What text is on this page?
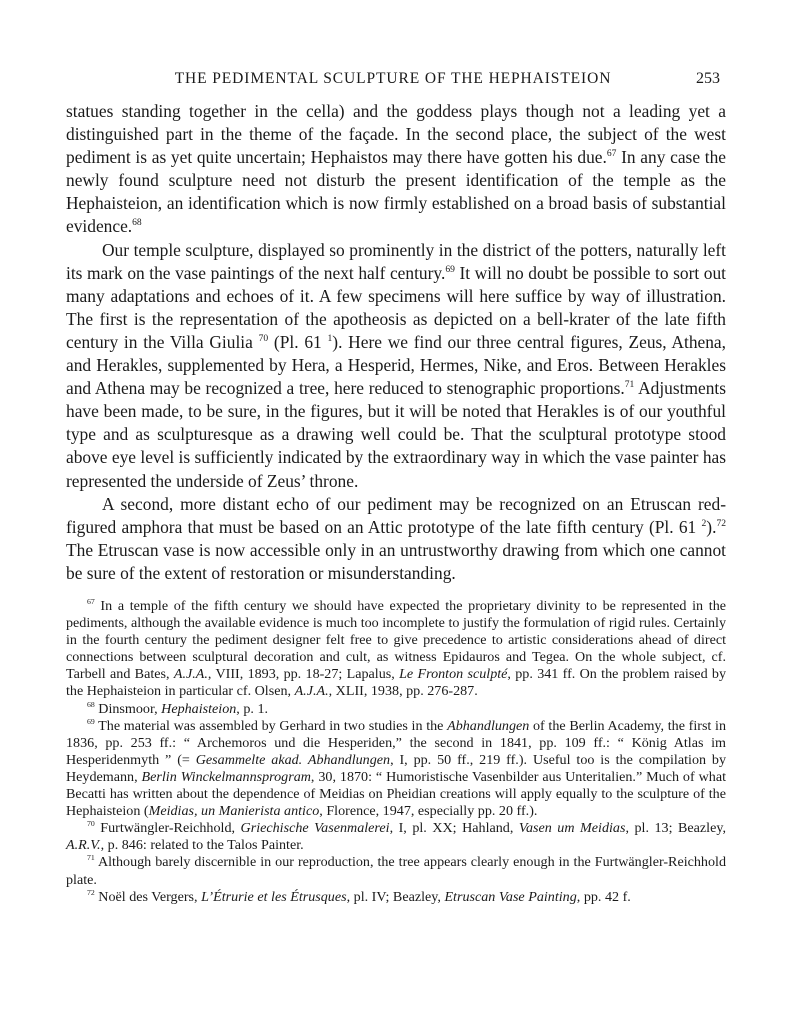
THE PEDIMENTAL SCULPTURE OF THE HEPHAISTEION	253

statues standing together in the cella) and the goddess plays though not a leading yet a distinguished part in the theme of the façade. In the second place, the subject of the west pediment is as yet quite uncertain; Hephaistos may there have gotten his due.$^{67}$ In any case the newly found sculpture need not disturb the present identification of the temple as the Hephaisteion, an identification which is now firmly established on a broad basis of substantial evidence.$^{68}$

Our temple sculpture, displayed so prominently in the district of the potters, naturally left its mark on the vase paintings of the next half century.$^{69}$ It will no doubt be possible to sort out many adaptations and echoes of it. A few specimens will here suffice by way of illustration. The first is the representation of the apotheosis as depicted on a bell-krater of the late fifth century in the Villa Giulia $^{70}$ (Pl. 61 $^1$). Here we find our three central figures, Zeus, Athena, and Herakles, supplemented by Hera, a Hesperid, Hermes, Nike, and Eros. Between Herakles and Athena may be recognized a tree, here reduced to stenographic proportions.$^{71}$ Adjustments have been made, to be sure, in the figures, but it will be noted that Herakles is of our youthful type and as sculpturesque as a drawing well could be. That the sculptural prototype stood above eye level is sufficiently indicated by the extraordinary way in which the vase painter has represented the underside of Zeus’ throne.

A second, more distant echo of our pediment may be recognized on an Etruscan red-figured amphora that must be based on an Attic prototype of the late fifth century (Pl. 61 $^2$).$^{72}$ The Etruscan vase is now accessible only in an untrustworthy drawing from which one cannot be sure of the extent of restoration or misunderstanding.

$^{67}$ In a temple of the fifth century we should have expected the proprietary divinity to be represented in the pediments, although the available evidence is much too incomplete to justify the formulation of rigid rules. Certainly in the fourth century the pediment designer felt free to give precedence to artistic considerations ahead of direct connections between sculptural decoration and cult, as witness Epidauros and Tegea. On the whole subject, cf. Tarbell and Bates, A.J.A., VIII, 1893, pp. 18-27; Lapalus, Le Fronton sculpté, pp. 341 ff. On the problem raised by the Hephaisteion in particular cf. Olsen, A.J.A., XLII, 1938, pp. 276-287.

$^{68}$ Dinsmoor, Hephaisteion, p. 1.

$^{69}$ The material was assembled by Gerhard in two studies in the Abhandlungen of the Berlin Academy, the first in 1836, pp. 253 ff.: “ Archemoros und die Hesperiden,” the second in 1841, pp. 109 ff.: “ König Atlas im Hesperidenmyth ” (= Gesammelte akad. Abhandlungen, I, pp. 50 ff., 219 ff.). Useful too is the compilation by Heydemann, Berlin Winckelmannsprogram, 30, 1870: “ Humoristische Vasenbilder aus Unteritalien.” Much of what Becatti has written about the dependence of Meidias on Pheidian creations will apply equally to the sculpture of the Hephaisteion (Meidias, un Manierista antico, Florence, 1947, especially pp. 20 ff.).

$^{70}$ Furtwängler-Reichhold, Griechische Vasenmalerei, I, pl. XX; Hahland, Vasen um Meidias, pl. 13; Beazley, A.R.V., p. 846: related to the Talos Painter.

$^{71}$ Although barely discernible in our reproduction, the tree appears clearly enough in the Furtwängler-Reichhold plate.

$^{72}$ Noël des Vergers, L’Étrurie et les Étrusques, pl. IV; Beazley, Etruscan Vase Painting, pp. 42 f.
